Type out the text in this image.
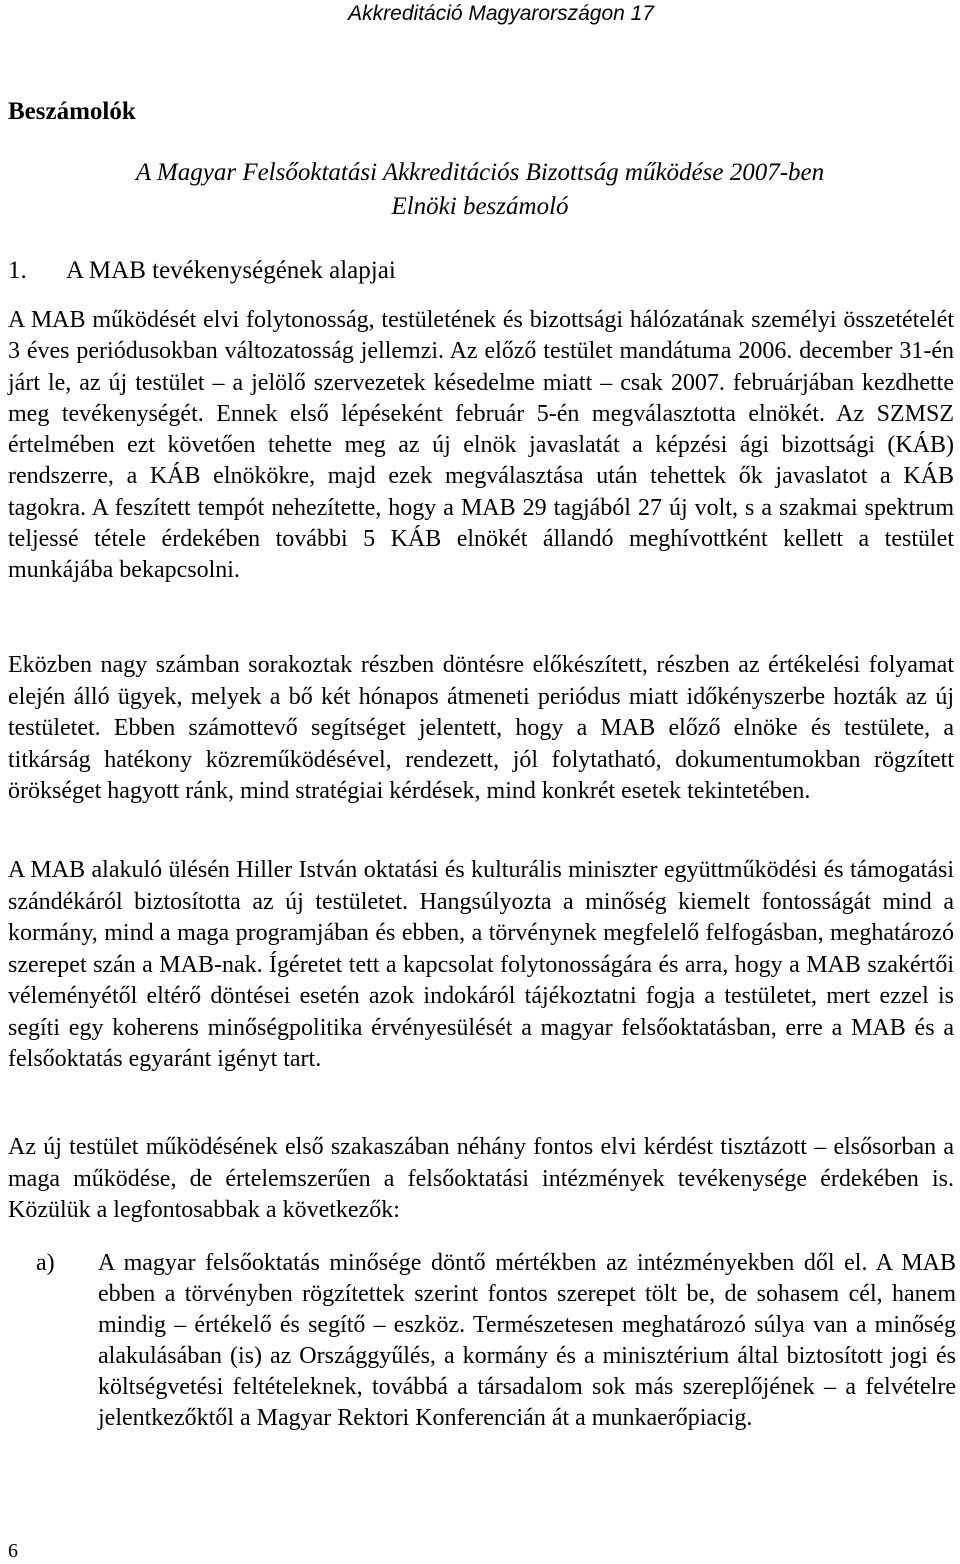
Akkreditáció Magyarországon 17
Beszámolók
A Magyar Felsőoktatási Akkreditációs Bizottság működése 2007-ben
Elnöki beszámoló
1. A MAB tevékenységének alapjai

A MAB működését elvi folytonosság, testületének és bizottsági hálózatának személyi összetételét 3 éves periódusokban változatosság jellemzi. Az előző testület mandátuma 2006. december 31-én járt le, az új testület – a jelölő szervezetek késedelme miatt – csak 2007. februárjában kezdhette meg tevékenységét. Ennek első lépéseként február 5-én megválasztotta elnökét. Az SZMSZ értelmében ezt követően tehette meg az új elnök javaslatát a képzési ági bizottsági (KÁB) rendszerre, a KÁB elnökökre, majd ezek megválasztása után tehettek ők javaslatot a KÁB tagokra. A feszített tempót nehezítette, hogy a MAB 29 tagjából 27 új volt, s a szakmai spektrum teljessé tétele érdekében további 5 KÁB elnökét állandó meghívottként kellett a testület munkájába bekapcsolni.

Eközben nagy számban sorakoztak részben döntésre előkészített, részben az értékelési folyamat elején álló ügyek, melyek a bő két hónapos átmeneti periódus miatt időkényszerbe hozták az új testületet. Ebben számottevő segítséget jelentett, hogy a MAB előző elnöke és testülete, a titkárság hatékony közreműködésével, rendezett, jól folytatható, dokumentumokban rögzített örökséget hagyott ránk, mind stratégiai kérdések, mind konkrét esetek tekintetében.

A MAB alakuló ülésén Hiller István oktatási és kulturális miniszter együttműködési és támogatási szándékáról biztosította az új testületet. Hangsúlyozta a minőség kiemelt fontosságát mind a kormány, mind a maga programjában és ebben, a törvénynek megfelelő felfogásban, meghatározó szerepet szán a MAB-nak. Ígéretet tett a kapcsolat folytonosságára és arra, hogy a MAB szakértői véleményétől eltérő döntései esetén azok indokáról tájékoztatni fogja a testületet, mert ezzel is segíti egy koherens minőségpolitika érvényesülését a magyar felsőoktatásban, erre a MAB és a felsőoktatás egyaránt igényt tart.

Az új testület működésének első szakaszában néhány fontos elvi kérdést tisztázott – elsősorban a maga működése, de értelemszerűen a felsőoktatási intézmények tevékenysége érdekében is. Közülük a legfontosabbak a következők:

a) A magyar felsőoktatás minősége döntő mértékben az intézményekben dől el. A MAB ebben a törvényben rögzítettek szerint fontos szerepet tölt be, de sohasem cél, hanem mindig – értékelő és segítő – eszköz. Természetesen meghatározó súlya van a minőség alakulásában (is) az Országgyűlés, a kormány és a minisztérium által biztosított jogi és költségvetési feltételeknek, továbbá a társadalom sok más szereplőjének – a felvételre jelentkezőktől a Magyar Rektori Konferencián át a munkaerőpiacig.

6
